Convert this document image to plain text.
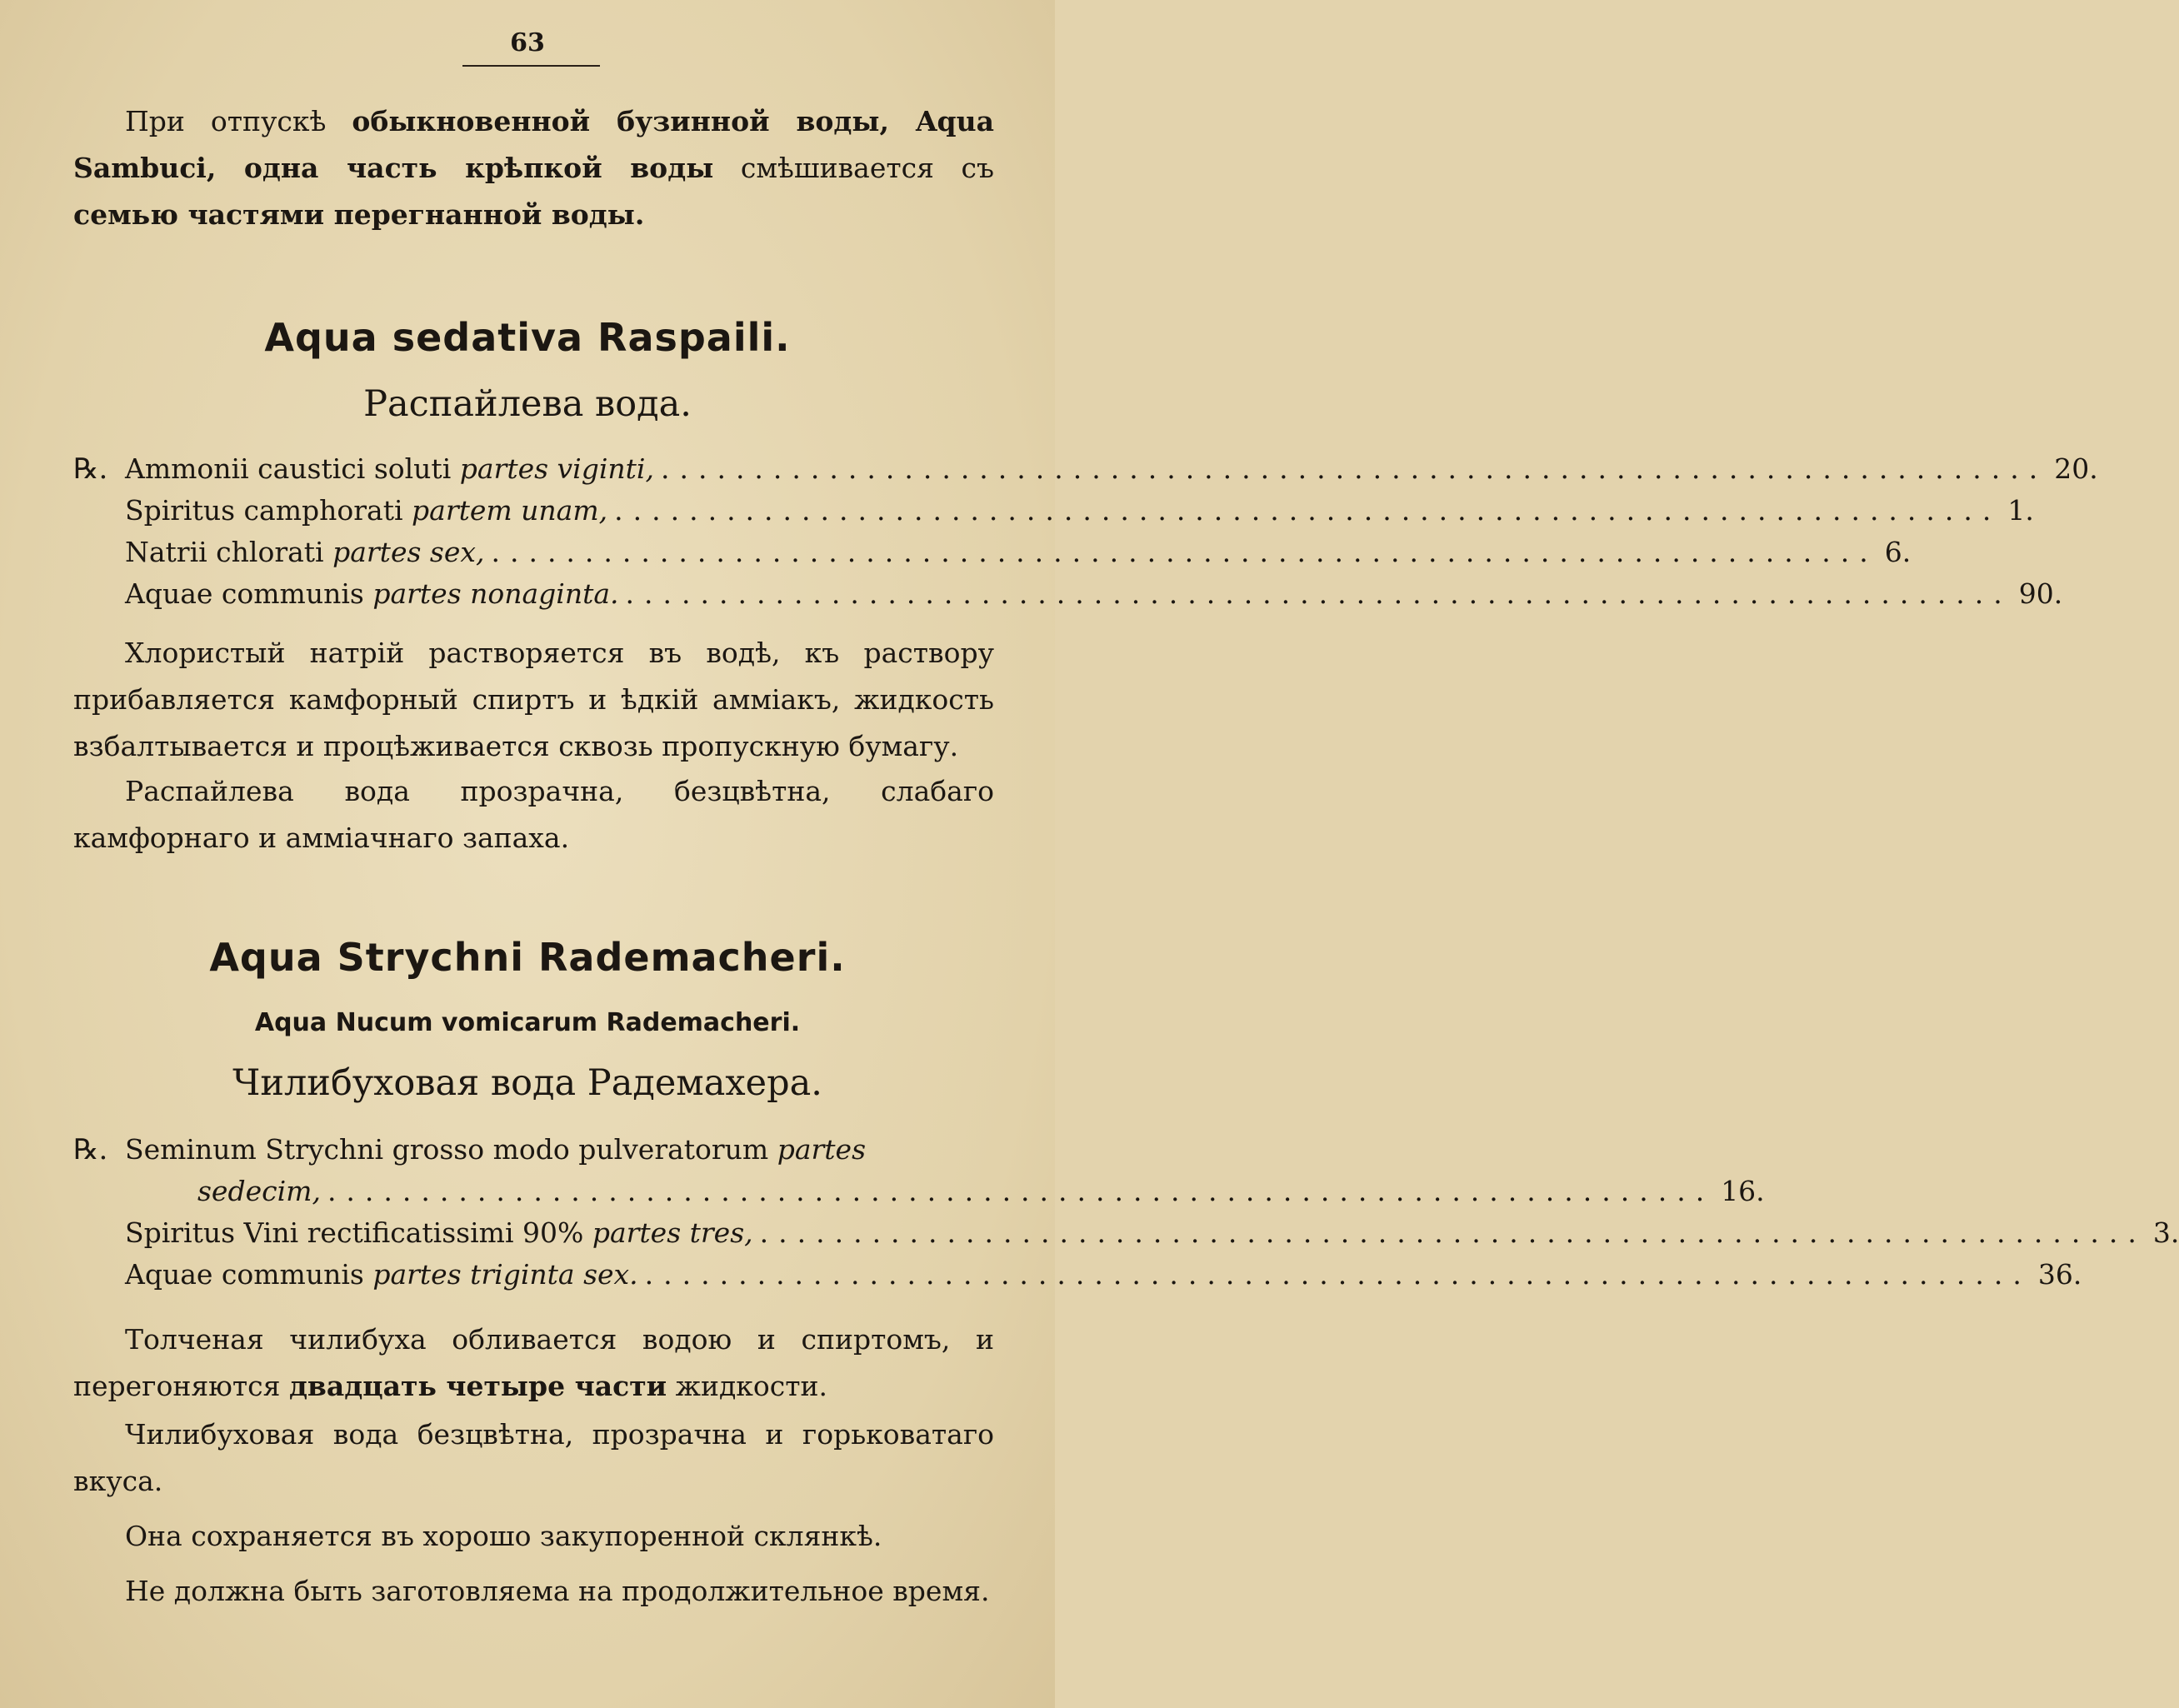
63
При отпускѣ обыкновенной бузинной воды, Aqua Sambuci, одна часть крѣпкой воды смѣшивается съ семью частями перегнанной воды.
Aqua sedativa Raspaili.
Распайлева вода.
℞. Ammonii caustici soluti partes viginti, .......................................................................... 20.
Spiritus camphorati partem unam, .......................................................................... 1.
Natrii chlorati partes sex, .......................................................................... 6.
Aquae communis partes nonaginta. .......................................................................... 90.
Хлористый натрій растворяется въ водѣ, къ раствору прибавляется камфорный спиртъ и ѣдкій амміакъ, жидкость взбалтывается и процѣживается сквозь пропускную бумагу.
Распайлева вода прозрачна, безцвѣтна, слабаго камфорнаго и амміачнаго запаха.
Aqua Strychni Rademacheri.
Aqua Nucum vomicarum Rademacheri.
Чилибуховая вода Радемахера.
℞. Seminum Strychni grosso modo pulveratorum partes
sedecim, .......................................................................... 16.
Spiritus Vini rectificatissimi 90% partes tres, .......................................................................... 3.
Aquae communis partes triginta sex. .......................................................................... 36.
Толченая чилибуха обливается водою и спиртомъ, и перегоняются двадцать четыре части жидкости.
Чилибуховая вода безцвѣтна, прозрачна и горьковатаго вкуса.
Она сохраняется въ хорошо закупоренной склянкѣ.
Не должна быть заготовляема на продолжительное время.
